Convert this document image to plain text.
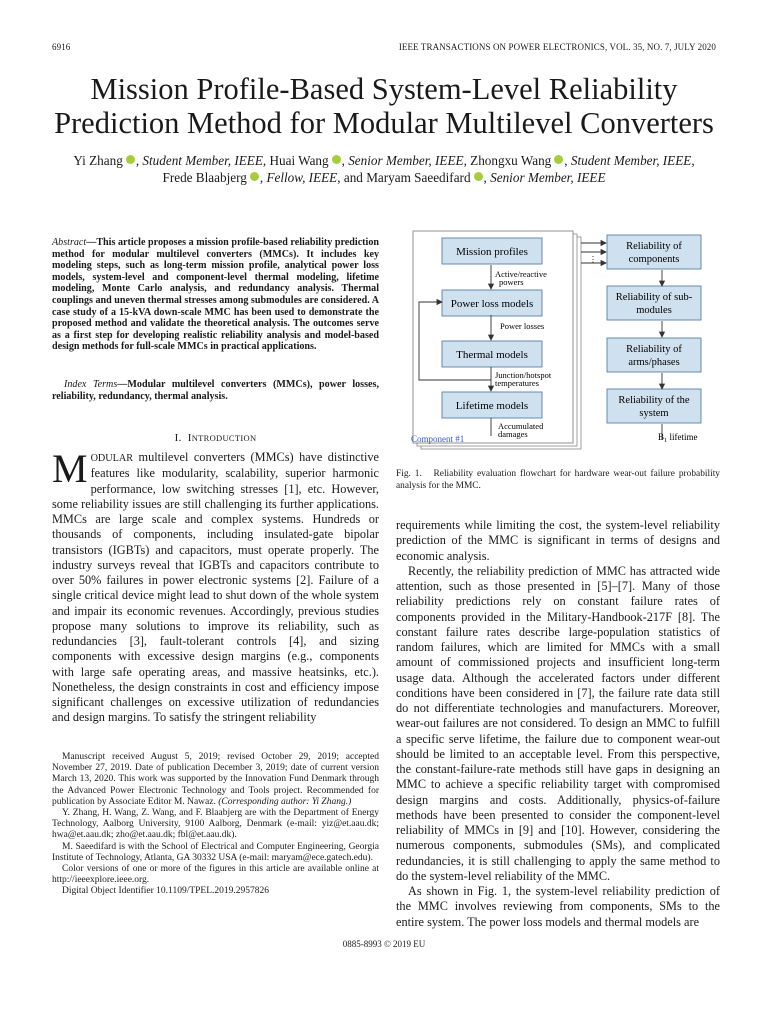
6916	IEEE TRANSACTIONS ON POWER ELECTRONICS, VOL. 35, NO. 7, JULY 2020
Mission Profile-Based System-Level Reliability Prediction Method for Modular Multilevel Converters
Yi Zhang , Student Member, IEEE, Huai Wang , Senior Member, IEEE, Zhongxu Wang , Student Member, IEEE,
Frede Blaabjerg , Fellow, IEEE, and Maryam Saeedifard , Senior Member, IEEE
Abstract—This article proposes a mission profile-based reliability prediction method for modular multilevel converters (MMCs). It includes key modeling steps, such as long-term mission profile, analytical power loss models, system-level and component-level thermal modeling, lifetime modeling, Monte Carlo analysis, and redundancy analysis. Thermal couplings and uneven thermal stresses among submodules are considered. A case study of a 15-kVA down-scale MMC has been used to demonstrate the proposed method and validate the theoretical analysis. The outcomes serve as a first step for developing realistic reliability analysis and model-based design methods for full-scale MMCs in practical applications.
Index Terms—Modular multilevel converters (MMCs), power losses, reliability, redundancy, thermal analysis.
I. INTRODUCTION
MODULAR multilevel converters (MMCs) have distinctive features like modularity, scalability, superior harmonic performance, low switching stresses [1], etc. However, some reliability issues are still challenging its further applications. MMCs are large scale and complex systems. Hundreds or thousands of components, including insulated-gate bipolar transistors (IGBTs) and capacitors, must operate properly. The industry surveys reveal that IGBTs and capacitors contribute to over 50% failures in power electronic systems [2]. Failure of a single critical device might lead to shut down of the whole system and impair its economic revenues. Accordingly, previous studies propose many solutions to improve its reliability, such as redundancies [3], fault-tolerant controls [4], and sizing components with excessive design margins (e.g., components with large safe operating areas, and massive heatsinks, etc.). Nonetheless, the design constraints in cost and efficiency impose significant challenges on excessive utilization of redundancies and design margins. To satisfy the stringent reliability

Manuscript received August 5, 2019; revised October 29, 2019; accepted November 27, 2019. Date of publication December 3, 2019; date of current version March 13, 2020. This work was supported by the Innovation Fund Denmark through the Advanced Power Electronic Technology and Tools project. Recommended for publication by Associate Editor M. Nawaz. (Corresponding author: Yi Zhang.)

Y. Zhang, H. Wang, Z. Wang, and F. Blaabjerg are with the Department of Energy Technology, Aalborg University, 9100 Aalborg, Denmark (e-mail: yiz@et.aau.dk; hwa@et.aau.dk; zho@et.aau.dk; fbl@et.aau.dk).

M. Saeedifard is with the School of Electrical and Computer Engineering, Georgia Institute of Technology, Atlanta, GA 30332 USA (e-mail: maryam@ece.gatech.edu).

Color versions of one or more of the figures in this article are available online at http://ieeexplore.ieee.org.

Digital Object Identifier 10.1109/TPEL.2019.2957826

Component #1
Mission profiles
Power loss models
Thermal models
Lifetime models
Reliability of
components
Reliability of sub-
modules
Reliability of
arms/phases
Reliability of the
system
Active/reactive
powers
Power losses
Junction/hotspot
temperatures
Accumulated
damages
⋮
$B_1$ lifetime
Fig. 1. Reliability evaluation flowchart for hardware wear-out failure probability analysis for the MMC.

requirements while limiting the cost, the system-level reliability prediction of the MMC is significant in terms of designs and economic analysis.

Recently, the reliability prediction of MMC has attracted wide attention, such as those presented in [5]–[7]. Many of those reliability predictions rely on constant failure rates of components provided in the Military-Handbook-217F [8]. The constant failure rates describe large-population statistics of random failures, which are limited for MMCs with a small amount of commissioned projects and insufficient long-term usage data. Although the accelerated factors under different conditions have been considered in [7], the failure rate data still do not differentiate technologies and manufacturers. Moreover, wear-out failures are not considered. To design an MMC to fulfill a specific serve lifetime, the failure due to component wear-out should be limited to an acceptable level. From this perspective, the constant-failure-rate methods still have gaps in designing an MMC to achieve a specific reliability target with compromised design margins and costs. Additionally, physics-of-failure methods have been presented to consider the component-level reliability of MMCs in [9] and [10]. However, considering the numerous components, submodules (SMs), and complicated redundancies, it is still challenging to apply the same method to do the system-level reliability of the MMC.

As shown in Fig. 1, the system-level reliability prediction of the MMC involves reviewing from components, SMs to the entire system. The power loss models and thermal models are

0885-8993 © 2019 EU
